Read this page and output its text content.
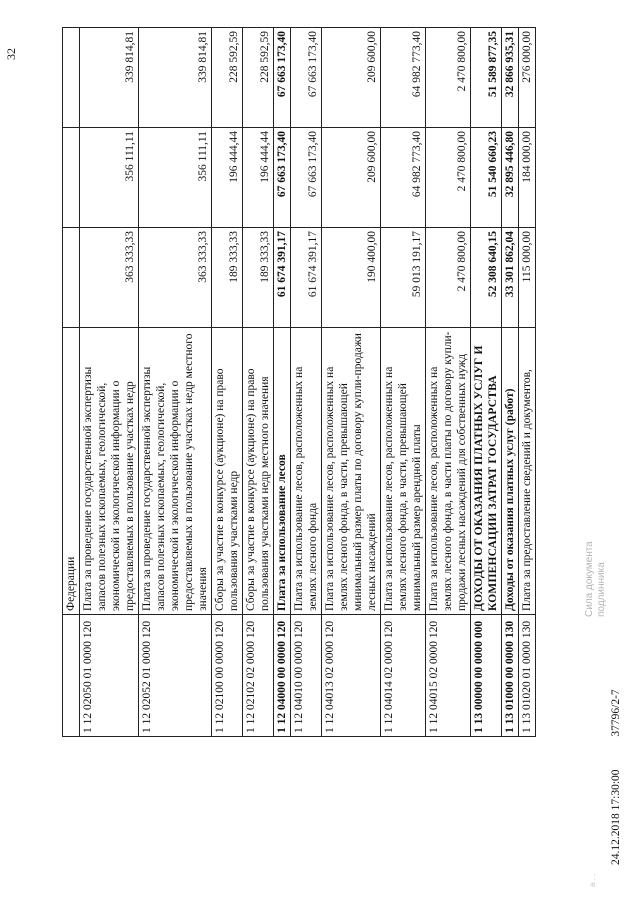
32
	Федерации			
1 12 02050 01 0000 120	Плата за проведение государственной экспертизы запасов полезных ископаемых, геологической, экономической и экологической информации о предоставляемых в пользование участках недр	363 333,33	356 111,11	339 814,81
1 12 02052 01 0000 120	Плата за проведение государственной экспертизы запасов полезных ископаемых, геологической, экономической и экологической информации о предоставляемых в пользование участках недр местного значения	363 333,33	356 111,11	339 814,81
1 12 02100 00 0000 120	Сборы за участие в конкурсе (аукционе) на право пользования участками недр	189 333,33	196 444,44	228 592,59
1 12 02102 02 0000 120	Сборы за участие в конкурсе (аукционе) на право пользования участками недр местного значения	189 333,33	196 444,44	228 592,59
1 12 04000 00 0000 120	Плата за использование лесов	61 674 391,17	67 663 173,40	67 663 173,40
1 12 04010 00 0000 120	Плата за использование лесов, расположенных на землях лесного фонда	61 674 391,17	67 663 173,40	67 663 173,40
1 12 04013 02 0000 120	Плата за использование лесов, расположенных на землях лесного фонда, в части, превышающей минимальный размер платы по договору купли-продажи лесных насаждений	190 400,00	209 600,00	209 600,00
1 12 04014 02 0000 120	Плата за использование лесов, расположенных на землях лесного фонда, в части, превышающей минимальный размер арендной платы	59 013 191,17	64 982 773,40	64 982 773,40
1 12 04015 02 0000 120	Плата за использование лесов, расположенных на землях лесного фонда, в части платы по договору купли-продажи лесных насаждений для собственных нужд	2 470 800,00	2 470 800,00	2 470 800,00
1 13 00000 00 0000 000	ДОХОДЫ ОТ ОКАЗАНИЯ ПЛАТНЫХ УСЛУГ И КОМПЕНСАЦИИ ЗАТРАТ ГОСУДАРСТВА	52 308 640,15	51 540 660,23	51 589 877,35
1 13 01000 00 0000 130	Доходы от оказания платных услуг (работ)	33 301 862,04	32 895 446,80	32 866 935,31
1 13 01020 01 0000 130	Плата за предоставление сведений и документов,	115 000,00	184 000,00	276 000,00
а . .
24.12.2018 17:30:00 37796/2-7
Сила документа подлинника
